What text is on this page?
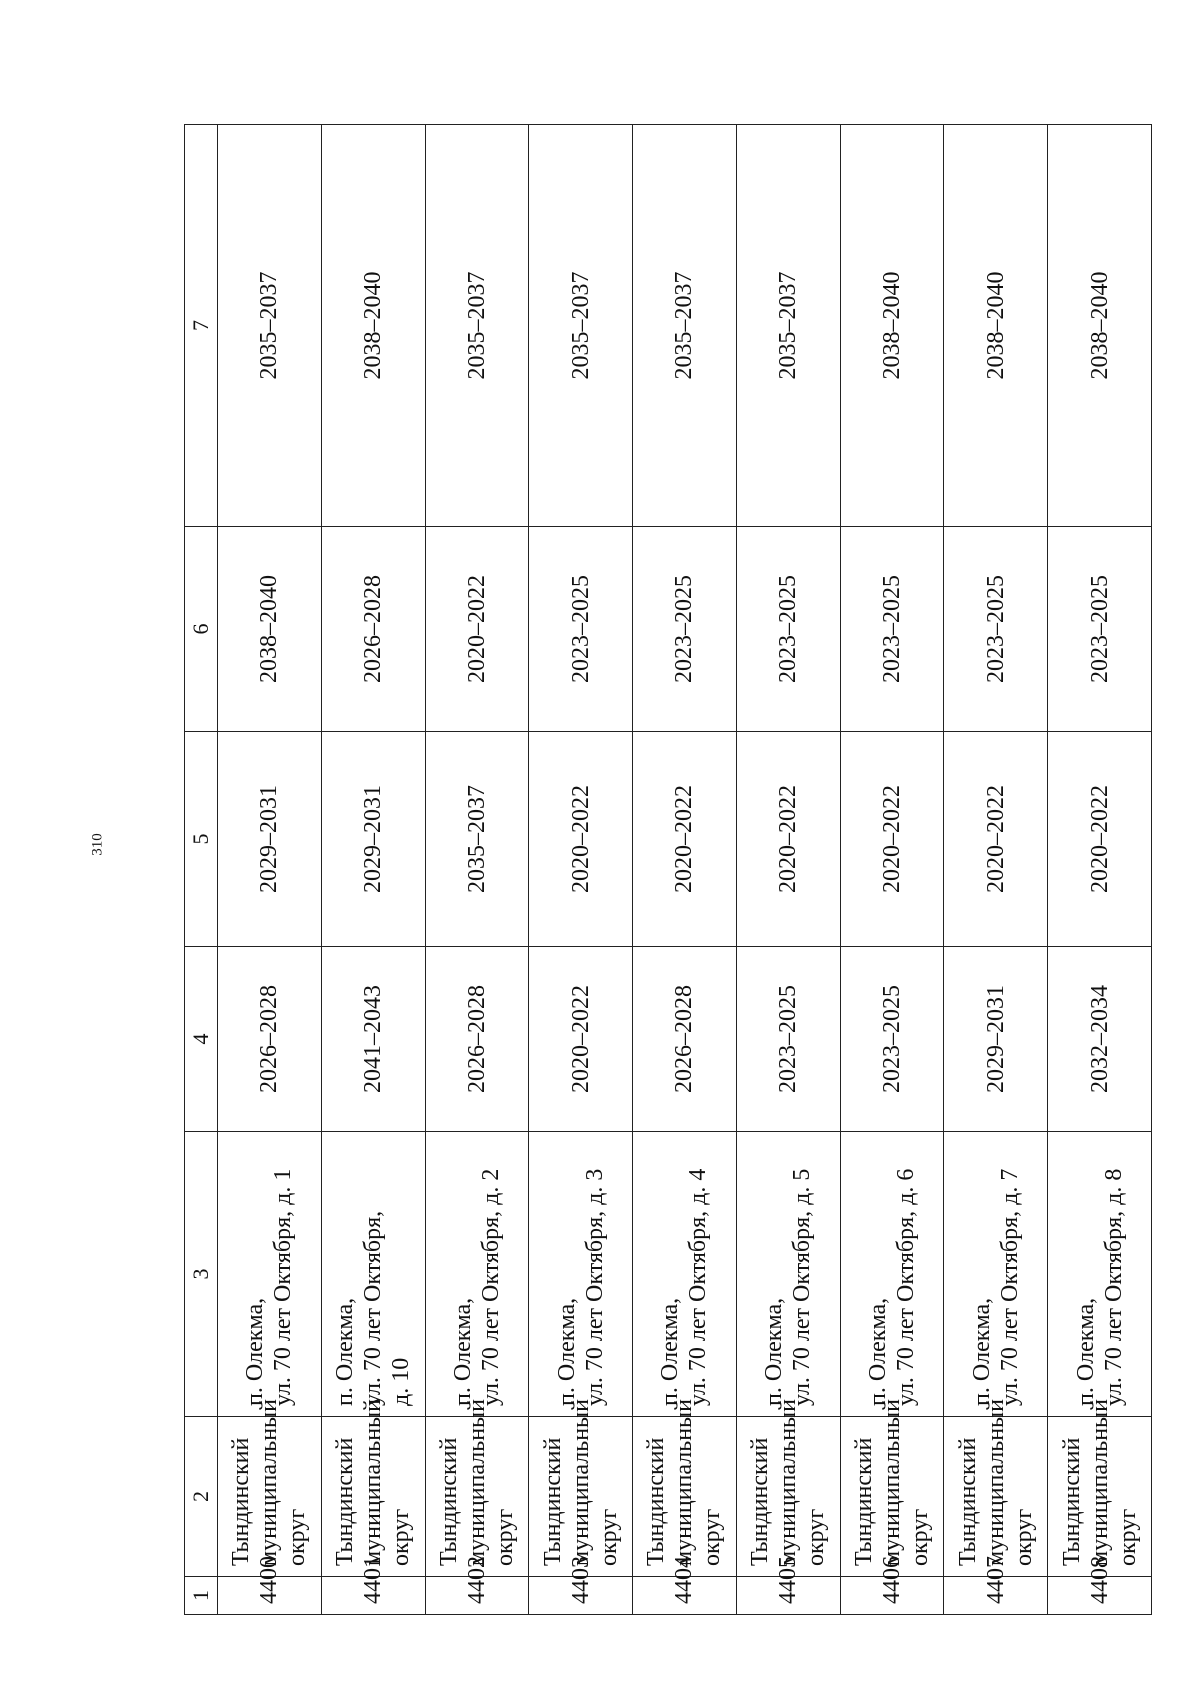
310
1	2	3	4	5	6	7
4400	Тындинский муниципальный округ	п. Олекма, ул. 70 лет Октября, д. 1	2026–2028	2029–2031	2038–2040	2035–2037
4401	Тындинский муниципальный округ	п. Олекма, ул. 70 лет Октября, д. 10	2041–2043	2029–2031	2026–2028	2038–2040
4402	Тындинский муниципальный округ	п. Олекма, ул. 70 лет Октября, д. 2	2026–2028	2035–2037	2020–2022	2035–2037
4403	Тындинский муниципальный округ	п. Олекма, ул. 70 лет Октября, д. 3	2020–2022	2020–2022	2023–2025	2035–2037
4404	Тындинский муниципальный округ	п. Олекма, ул. 70 лет Октября, д. 4	2026–2028	2020–2022	2023–2025	2035–2037
4405	Тындинский муниципальный округ	п. Олекма, ул. 70 лет Октября, д. 5	2023–2025	2020–2022	2023–2025	2035–2037
4406	Тындинский муниципальный округ	п. Олекма, ул. 70 лет Октября, д. 6	2023–2025	2020–2022	2023–2025	2038–2040
4407	Тындинский муниципальный округ	п. Олекма, ул. 70 лет Октября, д. 7	2029–2031	2020–2022	2023–2025	2038–2040
4408	Тындинский муниципальный округ	п. Олекма, ул. 70 лет Октября, д. 8	2032–2034	2020–2022	2023–2025	2038–2040
